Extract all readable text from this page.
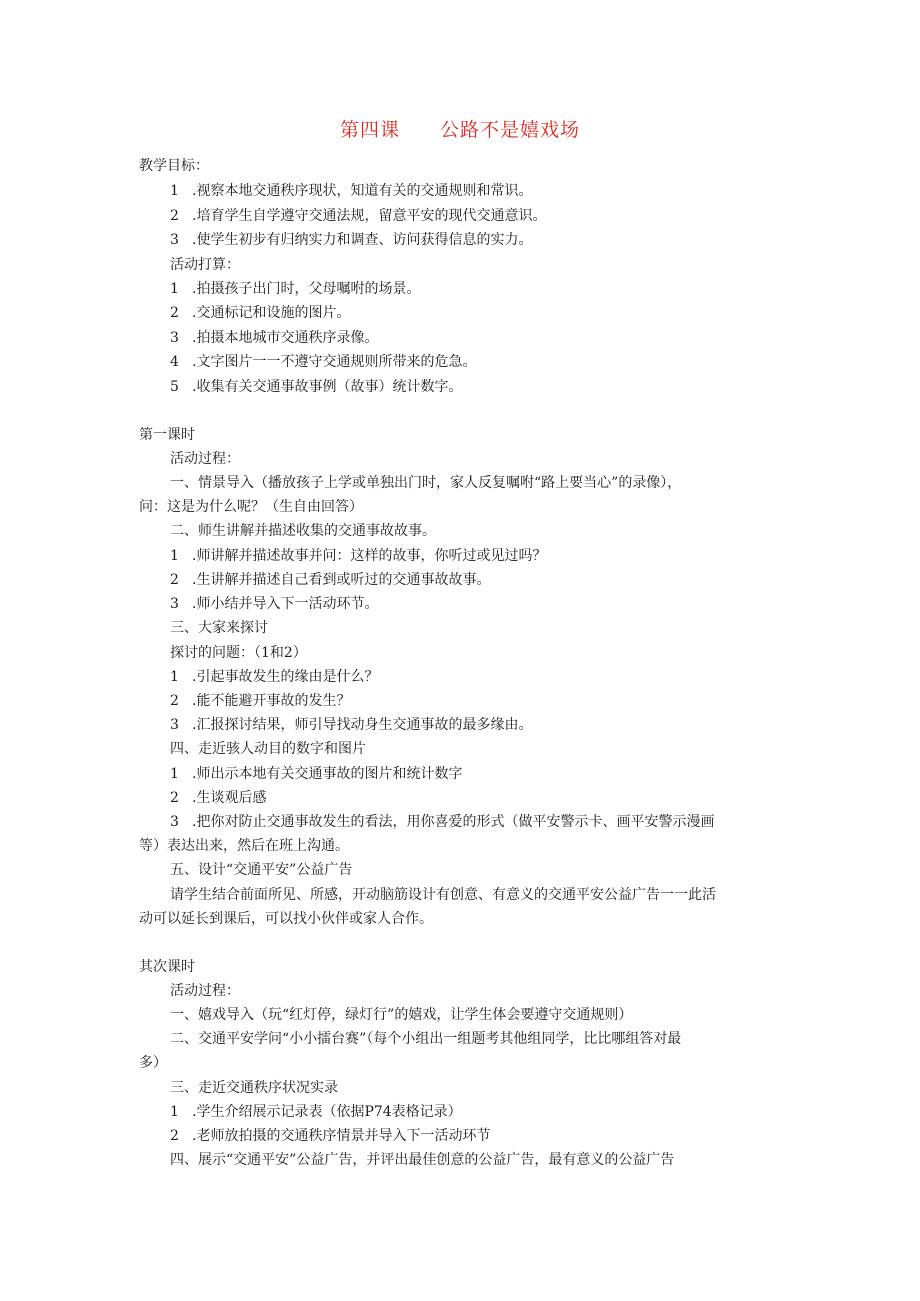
第四课 公路不是嬉戏场
教学目标：
1 .视察本地交通秩序现状，知道有关的交通规则和常识。
2 .培育学生自学遵守交通法规，留意平安的现代交通意识。
3 .使学生初步有归纳实力和调查、访问获得信息的实力。
活动打算：
1 .拍摄孩子出门时，父母嘱咐的场景。
2 .交通标记和设施的图片。
3 .拍摄本地城市交通秩序录像。
4 .文字图片一一不遵守交通规则所带来的危急。
5 .收集有关交通事故事例（故事）统计数字。
第一课时
活动过程：
一、情景导入（播放孩子上学或单独出门时，家人反复嘱咐“路上要当心”的录像），
问：这是为什么呢？（生自由回答）
二、师生讲解并描述收集的交通事故故事。
1 .师讲解并描述故事并问：这样的故事，你听过或见过吗？
2 .生讲解并描述自己看到或听过的交通事故故事。
3 .师小结并导入下一活动环节。
三、大家来探讨
探讨的问题：（1和2）
1 .引起事故发生的缘由是什么？
2 .能不能避开事故的发生？
3 .汇报探讨结果，师引导找动身生交通事故的最多缘由。
四、走近骇人动目的数字和图片
1 .师出示本地有关交通事故的图片和统计数字
2 .生谈观后感
3 .把你对防止交通事故发生的看法，用你喜爱的形式（做平安警示卡、画平安警示漫画
等）表达出来，然后在班上沟通。
五、设计“交通平安”公益广告
请学生结合前面所见、所感，开动脑筋设计有创意、有意义的交通平安公益广告一一此活
动可以延长到课后，可以找小伙伴或家人合作。
其次课时
活动过程：
一、嬉戏导入（玩“红灯停，绿灯行”的嬉戏，让学生体会要遵守交通规则）
二、交通平安学问“小小擂台赛”（每个小组出一组题考其他组同学，比比哪组答对最
多）
三、走近交通秩序状况实录
1 .学生介绍展示记录表（依据P74表格记录）
2 .老师放拍摄的交通秩序情景并导入下一活动环节
四、展示“交通平安”公益广告，并评出最佳创意的公益广告，最有意义的公益广告
